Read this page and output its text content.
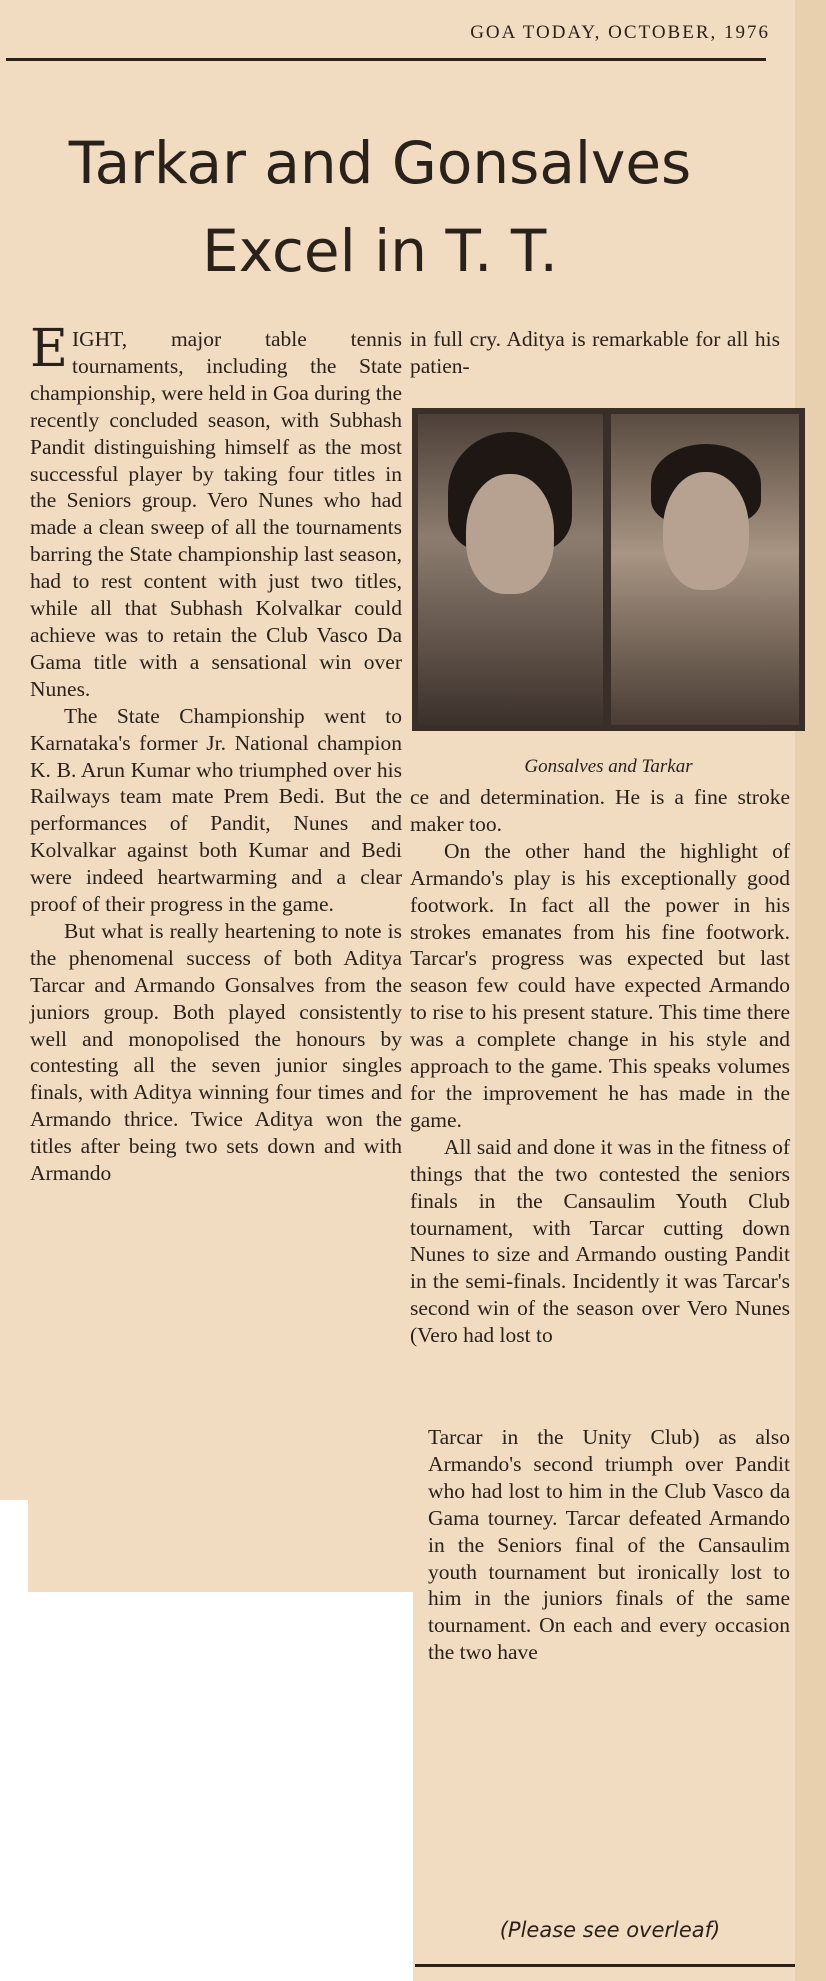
GOA TODAY, OCTOBER, 1976
Tarkar and Gonsalves
Excel in T. T.

EIGHT, major table tennis tournaments, including the State championship, were held in Goa during the recently concluded season, with Subhash Pandit distinguishing himself as the most successful player by taking four titles in the Seniors group. Vero Nunes who had made a clean sweep of all the tournaments barring the State championship last season, had to rest content with just two titles, while all that Subhash Kolvalkar could achieve was to retain the Club Vasco Da Gama title with a sensational win over Nunes.

The State Championship went to Karnataka's former Jr. National champion K. B. Arun Kumar who triumphed over his Railways team mate Prem Bedi. But the performances of Pandit, Nunes and Kolvalkar against both Kumar and Bedi were indeed heartwarming and a clear proof of their progress in the game.

But what is really heartening to note is the phenomenal success of both Aditya Tarcar and Armando Gonsalves from the juniors group. Both played consistently well and monopolised the honours by contesting all the seven junior singles finals, with Aditya winning four times and Armando thrice. Twice Aditya won the titles after being two sets down and with Armando

in full cry. Aditya is remarkable for all his patien-

Gonsalves and Tarkar

ce and determination. He is a fine stroke maker too.

On the other hand the highlight of Armando's play is his exceptionally good footwork. In fact all the power in his strokes emanates from his fine footwork. Tarcar's progress was expected but last season few could have expected Armando to rise to his present stature. This time there was a complete change in his style and approach to the game. This speaks volumes for the improvement he has made in the game.

All said and done it was in the fitness of things that the two contested the seniors finals in the Cansaulim Youth Club tournament, with Tarcar cutting down Nunes to size and Armando ousting Pandit in the semi-finals. Incidently it was Tarcar's second win of the season over Vero Nunes (Vero had lost to

Tarcar in the Unity Club) as also Armando's second triumph over Pandit who had lost to him in the Club Vasco da Gama tourney. Tarcar defeated Armando in the Seniors final of the Cansaulim youth tournament but ironically lost to him in the juniors finals of the same tournament. On each and every occasion the two have

(Please see overleaf)
